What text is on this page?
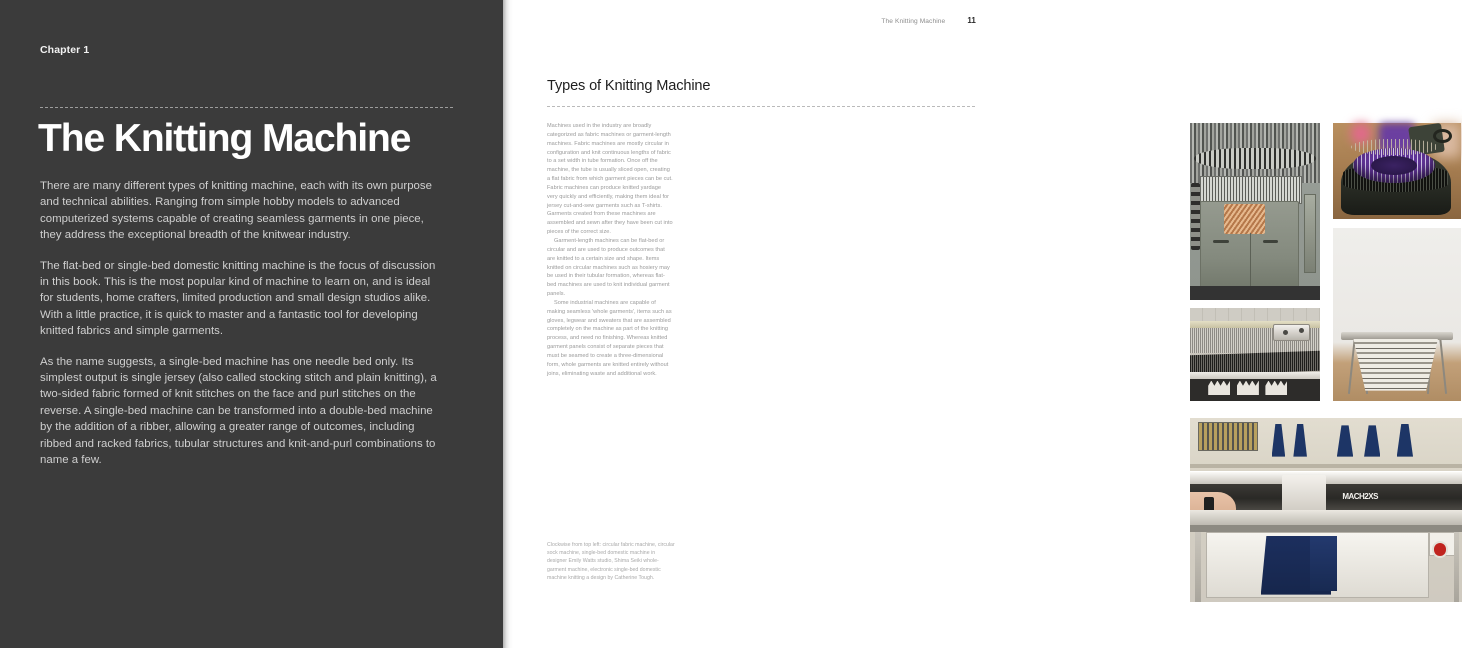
Chapter 1
The Knitting Machine

There are many different types of knitting machine, each with its own purpose and technical abilities. Ranging from simple hobby models to advanced computerized systems capable of creating seamless garments in one piece, they address the exceptional breadth of the knitwear industry.

The flat-bed or single-bed domestic knitting machine is the focus of discussion in this book. This is the most popular kind of machine to learn on, and is ideal for students, home crafters, limited production and small design studios alike. With a little practice, it is quick to master and a fantastic tool for developing knitted fabrics and simple garments.

As the name suggests, a single-bed machine has one needle bed only. Its simplest output is single jersey (also called stocking stitch and plain knitting), a two-sided fabric formed of knit stitches on the face and purl stitches on the reverse. A single-bed machine can be transformed into a double-bed machine by the addition of a ribber, allowing a greater range of outcomes, including ribbed and racked fabrics, tubular structures and knit-and-purl combinations to name a few.

The Knitting Machine	11
Types of Knitting Machine

Machines used in the industry are broadly categorized as fabric machines or garment-length machines. Fabric machines are mostly circular in configuration and knit continuous lengths of fabric to a set width in tube formation. Once off the machine, the tube is usually sliced open, creating a flat fabric from which garment pieces can be cut. Fabric machines can produce knitted yardage very quickly and efficiently, making them ideal for jersey cut-and-sew garments such as T-shirts. Garments created from these machines are assembled and sewn after they have been cut into pieces of the correct size.

Garment-length machines can be flat-bed or circular and are used to produce outcomes that are knitted to a certain size and shape. Items knitted on circular machines such as hosiery may be used in their tubular formation, whereas flat-bed machines are used to knit individual garment panels.

Some industrial machines are capable of making seamless 'whole garments', items such as gloves, legwear and sweaters that are assembled completely on the machine as part of the knitting process, and need no finishing. Whereas knitted garment panels consist of separate pieces that must be seamed to create a three-dimensional form, whole garments are knitted entirely without joins, eliminating waste and additional work.

Clockwise from top left: circular fabric machine, circular sock machine, single-bed domestic machine in designer Emily Watts studio, Shima Seiki whole-garment machine, electronic single-bed domestic machine knitting a design by Catherine Tough.
MACH2XS
